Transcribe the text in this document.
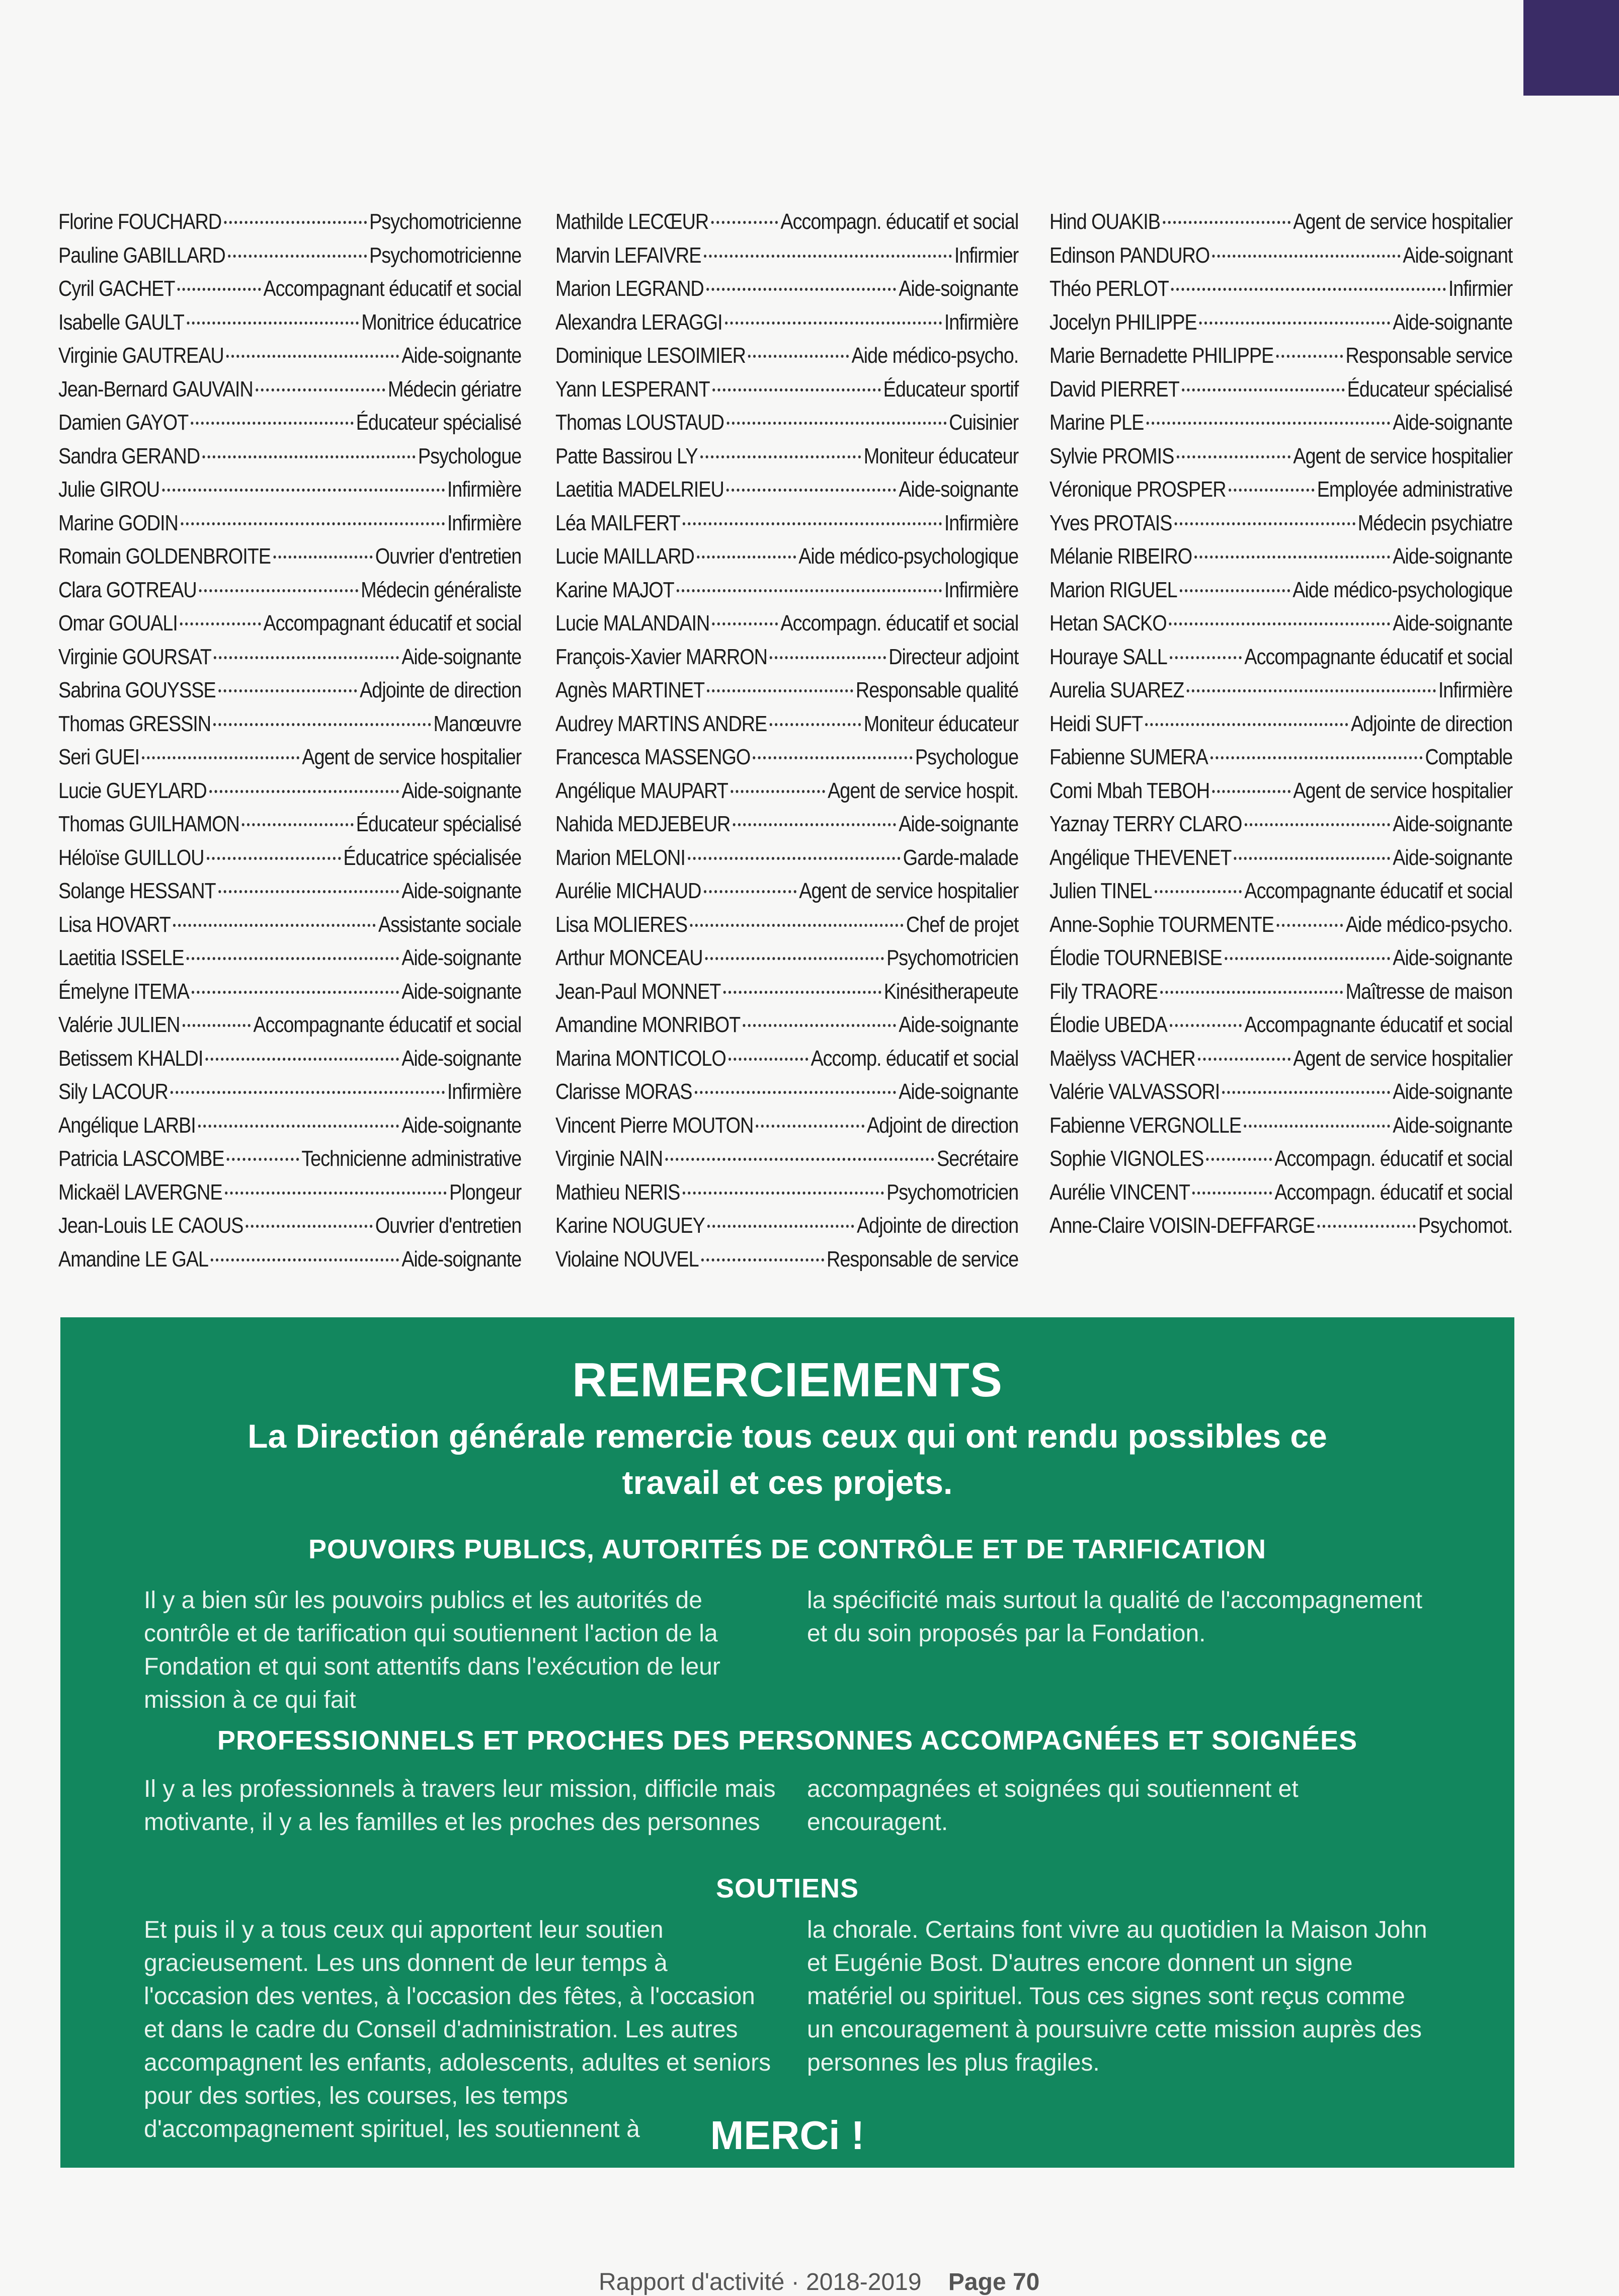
Florine FOUCHARD	Psychomotricienne
Pauline GABILLARD	Psychomotricienne
Cyril GACHET	Accompagnant éducatif et social
Isabelle GAULT	Monitrice éducatrice
Virginie GAUTREAU	Aide-soignante
Jean-Bernard GAUVAIN	Médecin gériatre
Damien GAYOT	Éducateur spécialisé
Sandra GERAND	Psychologue
Julie GIROU	Infirmière
Marine GODIN	Infirmière
Romain GOLDENBROITE	Ouvrier d'entretien
Clara GOTREAU	Médecin généraliste
Omar GOUALI	Accompagnant éducatif et social
Virginie GOURSAT	Aide-soignante
Sabrina GOUYSSE	Adjointe de direction
Thomas GRESSIN	Manœuvre
Seri GUEI	Agent de service hospitalier
Lucie GUEYLARD	Aide-soignante
Thomas GUILHAMON	Éducateur spécialisé
Héloïse GUILLOU	Éducatrice spécialisée
Solange HESSANT	Aide-soignante
Lisa HOVART	Assistante sociale
Laetitia ISSELE	Aide-soignante
Émelyne ITEMA	Aide-soignante
Valérie JULIEN	Accompagnante éducatif et social
Betissem KHALDI	Aide-soignante
Sily LACOUR	Infirmière
Angélique LARBI	Aide-soignante
Patricia LASCOMBE	Technicienne administrative
Mickaël LAVERGNE	Plongeur
Jean-Louis LE CAOUS	Ouvrier d'entretien
Amandine LE GAL	Aide-soignante
Mathilde LECŒUR	Accompagn. éducatif et social
Marvin LEFAIVRE	Infirmier
Marion LEGRAND	Aide-soignante
Alexandra LERAGGI	Infirmière
Dominique LESOIMIER	Aide médico-psycho.
Yann LESPERANT	Éducateur sportif
Thomas LOUSTAUD	Cuisinier
Patte Bassirou LY	Moniteur éducateur
Laetitia MADELRIEU	Aide-soignante
Léa MAILFERT	Infirmière
Lucie MAILLARD	Aide médico-psychologique
Karine MAJOT	Infirmière
Lucie MALANDAIN	Accompagn. éducatif et social
François-Xavier MARRON	Directeur adjoint
Agnès MARTINET	Responsable qualité
Audrey MARTINS ANDRE	Moniteur éducateur
Francesca MASSENGO	Psychologue
Angélique MAUPART	Agent de service hospit.
Nahida MEDJEBEUR	Aide-soignante
Marion MELONI	Garde-malade
Aurélie MICHAUD	Agent de service hospitalier
Lisa MOLIERES	Chef de projet
Arthur MONCEAU	Psychomotricien
Jean-Paul MONNET	Kinésitherapeute
Amandine MONRIBOT	Aide-soignante
Marina MONTICOLO	Accomp. éducatif et social
Clarisse MORAS	Aide-soignante
Vincent Pierre MOUTON	Adjoint de direction
Virginie NAIN	Secrétaire
Mathieu NERIS	Psychomotricien
Karine NOUGUEY	Adjointe de direction
Violaine NOUVEL	Responsable de service
Hind OUAKIB	Agent de service hospitalier
Edinson PANDURO	Aide-soignant
Théo PERLOT	Infirmier
Jocelyn PHILIPPE	Aide-soignante
Marie Bernadette PHILIPPE	Responsable service
David PIERRET	Éducateur spécialisé
Marine PLE	Aide-soignante
Sylvie PROMIS	Agent de service hospitalier
Véronique PROSPER	Employée administrative
Yves PROTAIS	Médecin psychiatre
Mélanie RIBEIRO	Aide-soignante
Marion RIGUEL	Aide médico-psychologique
Hetan SACKO	Aide-soignante
Houraye SALL	Accompagnante éducatif et social
Aurelia SUAREZ	Infirmière
Heidi SUFT	Adjointe de direction
Fabienne SUMERA	Comptable
Comi Mbah TEBOH	Agent de service hospitalier
Yaznay TERRY CLARO	Aide-soignante
Angélique THEVENET	Aide-soignante
Julien TINEL	Accompagnante éducatif et social
Anne-Sophie TOURMENTE	Aide médico-psycho.
Élodie TOURNEBISE	Aide-soignante
Fily TRAORE	Maîtresse de maison
Élodie UBEDA	Accompagnante éducatif et social
Maëlyss VACHER	Agent de service hospitalier
Valérie VALVASSORI	Aide-soignante
Fabienne VERGNOLLE	Aide-soignante
Sophie VIGNOLES	Accompagn. éducatif et social
Aurélie VINCENT	Accompagn. éducatif et social
Anne-Claire VOISIN-DEFFARGE	Psychomot.
REMERCIEMENTS
La Direction générale remercie tous ceux qui ont rendu possibles ce travail et ces projets.
POUVOIRS PUBLICS, AUTORITÉS DE CONTRÔLE ET DE TARIFICATION
Il y a bien sûr les pouvoirs publics et les autorités de contrôle et de tarification qui soutiennent l'action de la Fondation et qui sont attentifs dans l'exécution de leur mission à ce qui fait
la spécificité mais surtout la qualité de l'accompagnement et du soin proposés par la Fondation.
PROFESSIONNELS ET PROCHES DES PERSONNES ACCOMPAGNÉES ET SOIGNÉES
Il y a les professionnels à travers leur mission, difficile mais motivante, il y a les familles et les proches des personnes
accompagnées et soignées qui soutiennent et encouragent.
SOUTIENS
Et puis il y a tous ceux qui apportent leur soutien gracieusement. Les uns donnent de leur temps à l'occasion des ventes, à l'occasion des fêtes, à l'occasion et dans le cadre du Conseil d'administration. Les autres accompagnent les enfants, adolescents, adultes et seniors pour des sorties, les courses, les temps d'accompagnement spirituel, les soutiennent à
la chorale. Certains font vivre au quotidien la Maison John et Eugénie Bost. D'autres encore donnent un signe matériel ou spirituel. Tous ces signes sont reçus comme un encouragement à poursuivre cette mission auprès des personnes les plus fragiles.
MERCi !
Rapport d'activité · 2018-2019 Page 70
